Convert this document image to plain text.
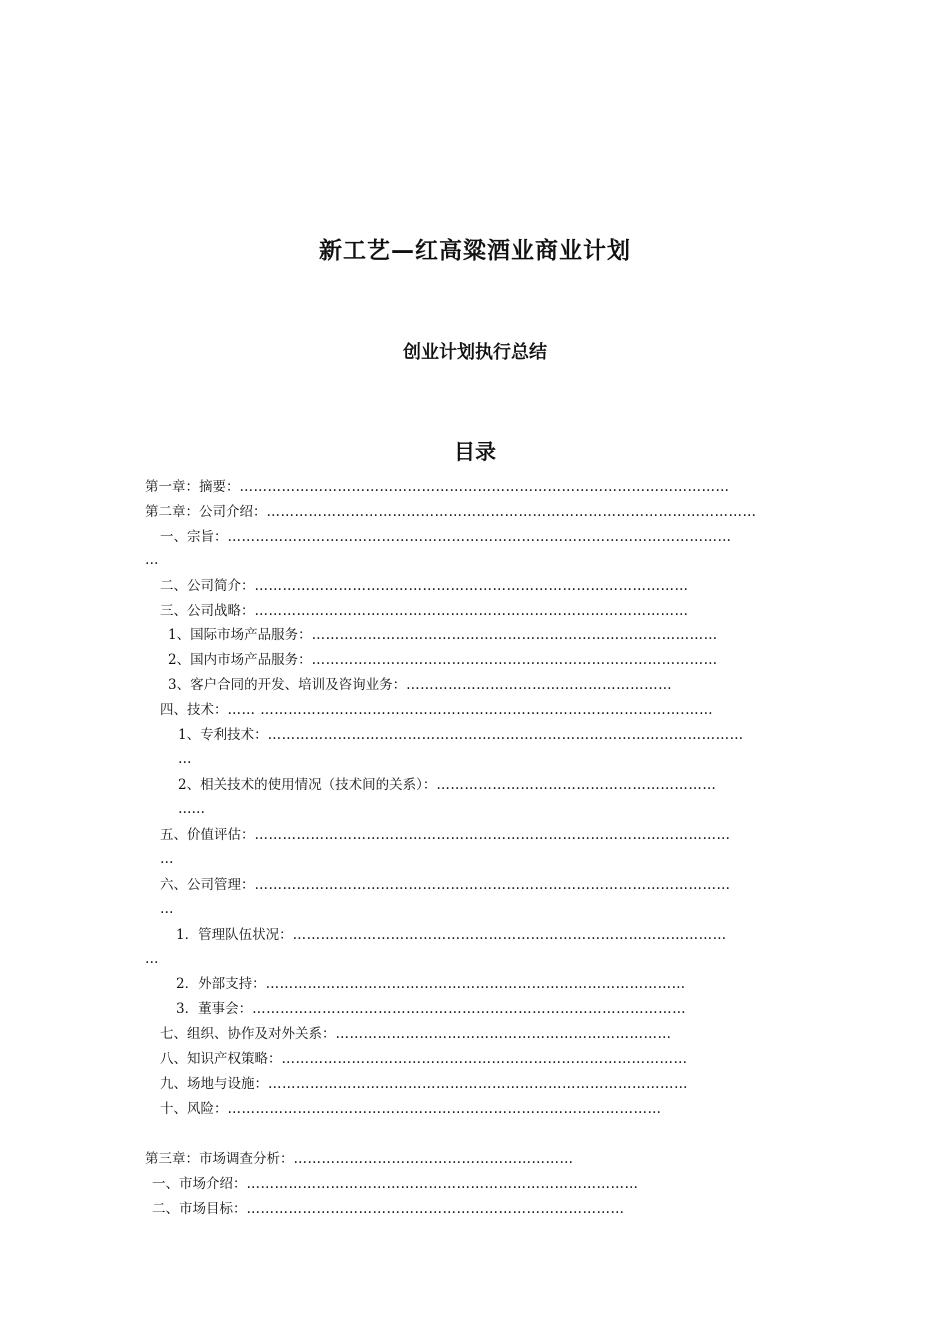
新工艺—红高粱酒业商业计划
创业计划执行总结
目录
第一章：摘要：……………………………………………………………………………………………
第二章：公司介绍：……………………………………………………………………………………………
一、宗旨：………………………………………………………………………………………………
…
二、公司简介：…………………………………………………………………………………
三、公司战略：…………………………………………………………………………………
1、国际市场产品服务：……………………………………………………………………………
2、国内市场产品服务：……………………………………………………………………………
3、客户合同的开发、培训及咨询业务：…………………………………………………
四、技术：…… ……………………………………………………………………………….……
1、专利技术：…………………………………………………………………………………………
…
2、相关技术的使用情况（技术间的关系）：……………………………………………………
……
五、价值评估：…………………………………………………………………………………………
…
六、公司管理：…………………………………………………………………………………………
…
1．管理队伍状况：…………………………………………………………………………………
…
2．外部支持：………………………………………………………………………………
3．董事会：…………………………………………………………………………………
七、组织、协作及对外关系：………………………………………………………………
八、知识产权策略：……………………………………………………………………………
九、场地与设施：………………………………………………………………………………
十、风险：…………………………………………………………………………………
第三章：市场调查分析：……………………………………………………
一、市场介绍：…………………………………………………………………………
二、市场目标：………………………………………………………………………
